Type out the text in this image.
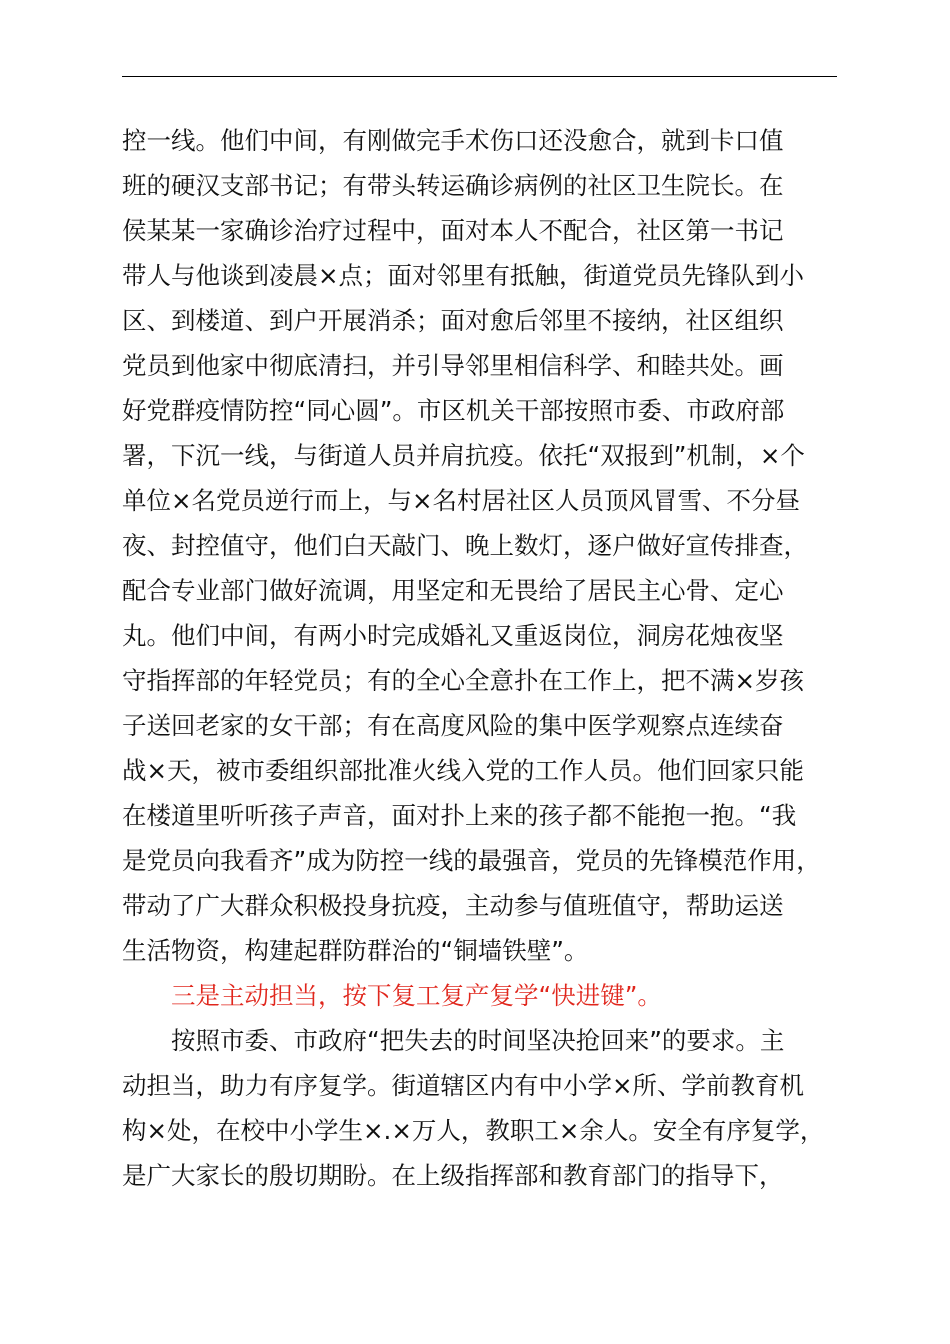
控一线。他们中间，有刚做完手术伤口还没愈合，就到卡口值
班的硬汉支部书记；有带头转运确诊病例的社区卫生院长。在
侯某某一家确诊治疗过程中，面对本人不配合，社区第一书记
带人与他谈到凌晨×点；面对邻里有抵触，街道党员先锋队到小
区、到楼道、到户开展消杀；面对愈后邻里不接纳，社区组织
党员到他家中彻底清扫，并引导邻里相信科学、和睦共处。画
好党群疫情防控“同心圆”。市区机关干部按照市委、市政府部
署，下沉一线，与街道人员并肩抗疫。依托“双报到”机制，×个
单位×名党员逆行而上，与×名村居社区人员顶风冒雪、不分昼
夜、封控值守，他们白天敲门、晚上数灯，逐户做好宣传排查，
配合专业部门做好流调，用坚定和无畏给了居民主心骨、定心
丸。他们中间，有两小时完成婚礼又重返岗位，洞房花烛夜坚
守指挥部的年轻党员；有的全心全意扑在工作上，把不满×岁孩
子送回老家的女干部；有在高度风险的集中医学观察点连续奋
战×天，被市委组织部批准火线入党的工作人员。他们回家只能
在楼道里听听孩子声音，面对扑上来的孩子都不能抱一抱。“我
是党员向我看齐”成为防控一线的最强音，党员的先锋模范作用，
带动了广大群众积极投身抗疫，主动参与值班值守，帮助运送
生活物资，构建起群防群治的“铜墙铁壁”。
　　三是主动担当，按下复工复产复学“快进键”。
　　按照市委、市政府“把失去的时间坚决抢回来”的要求。主
动担当，助力有序复学。街道辖区内有中小学×所、学前教育机
构×处，在校中小学生×.×万人，教职工×余人。安全有序复学，
是广大家长的殷切期盼。在上级指挥部和教育部门的指导下，
